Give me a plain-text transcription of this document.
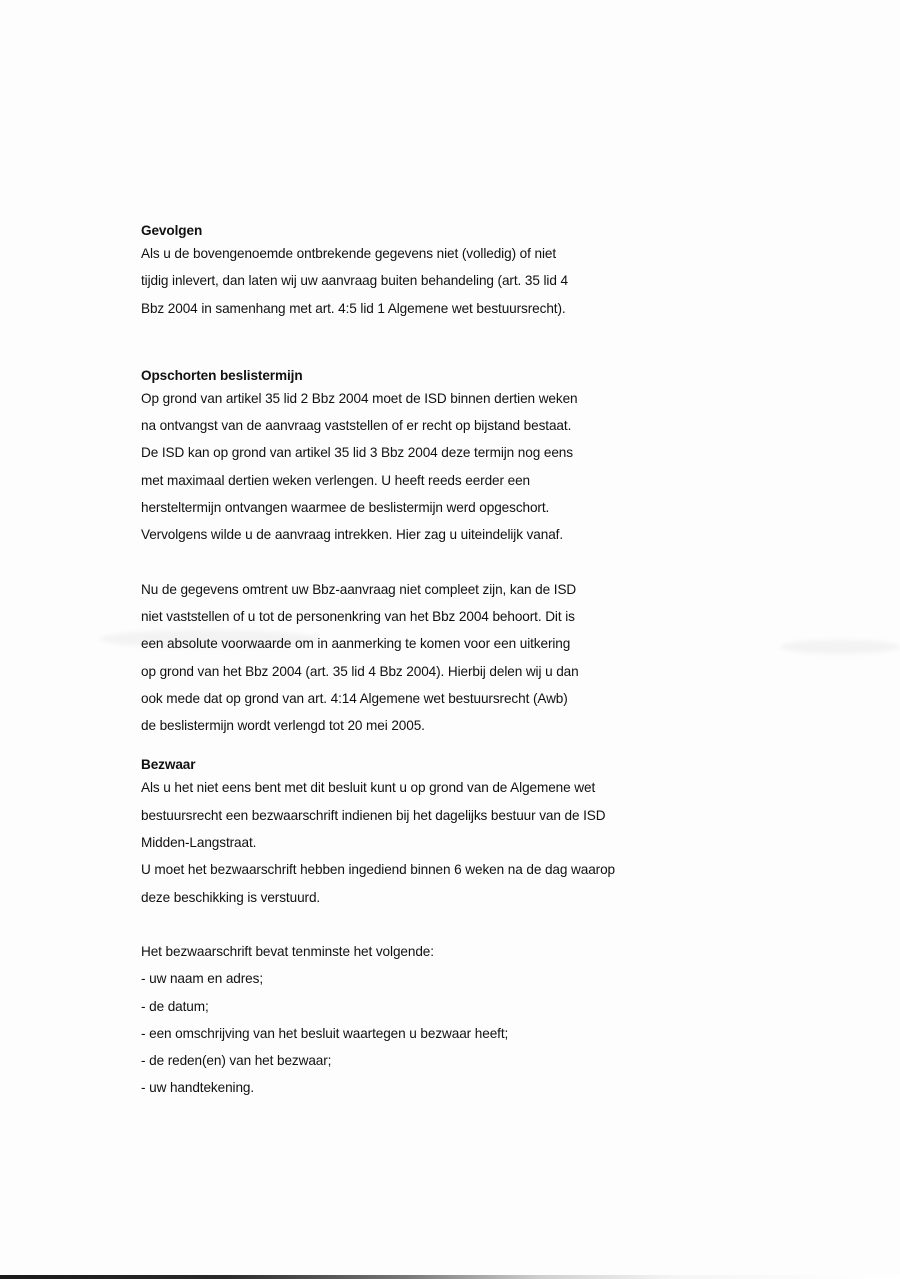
Gevolgen

Als u de bovengenoemde ontbrekende gegevens niet (volledig) of niet
tijdig inlevert, dan laten wij uw aanvraag buiten behandeling (art. 35 lid 4
Bbz 2004 in samenhang met art. 4:5 lid 1 Algemene wet bestuursrecht).

Opschorten beslistermijn

Op grond van artikel 35 lid 2 Bbz 2004 moet de ISD binnen dertien weken
na ontvangst van de aanvraag vaststellen of er recht op bijstand bestaat.
De ISD kan op grond van artikel 35 lid 3 Bbz 2004 deze termijn nog eens
met maximaal dertien weken verlengen. U heeft reeds eerder een
hersteltermijn ontvangen waarmee de beslistermijn werd opgeschort.
Vervolgens wilde u de aanvraag intrekken. Hier zag u uiteindelijk vanaf.

Nu de gegevens omtrent uw Bbz-aanvraag niet compleet zijn, kan de ISD
niet vaststellen of u tot de personenkring van het Bbz 2004 behoort. Dit is
een absolute voorwaarde om in aanmerking te komen voor een uitkering
op grond van het Bbz 2004 (art. 35 lid 4 Bbz 2004). Hierbij delen wij u dan
ook mede dat op grond van art. 4:14 Algemene wet bestuursrecht (Awb)
de beslistermijn wordt verlengd tot 20 mei 2005.

Bezwaar

Als u het niet eens bent met dit besluit kunt u op grond van de Algemene wet
bestuursrecht een bezwaarschrift indienen bij het dagelijks bestuur van de ISD
Midden-Langstraat.
U moet het bezwaarschrift hebben ingediend binnen 6 weken na de dag waarop
deze beschikking is verstuurd.

Het bezwaarschrift bevat tenminste het volgende:
- uw naam en adres;
- de datum;
- een omschrijving van het besluit waartegen u bezwaar heeft;
- de reden(en) van het bezwaar;
- uw handtekening.
